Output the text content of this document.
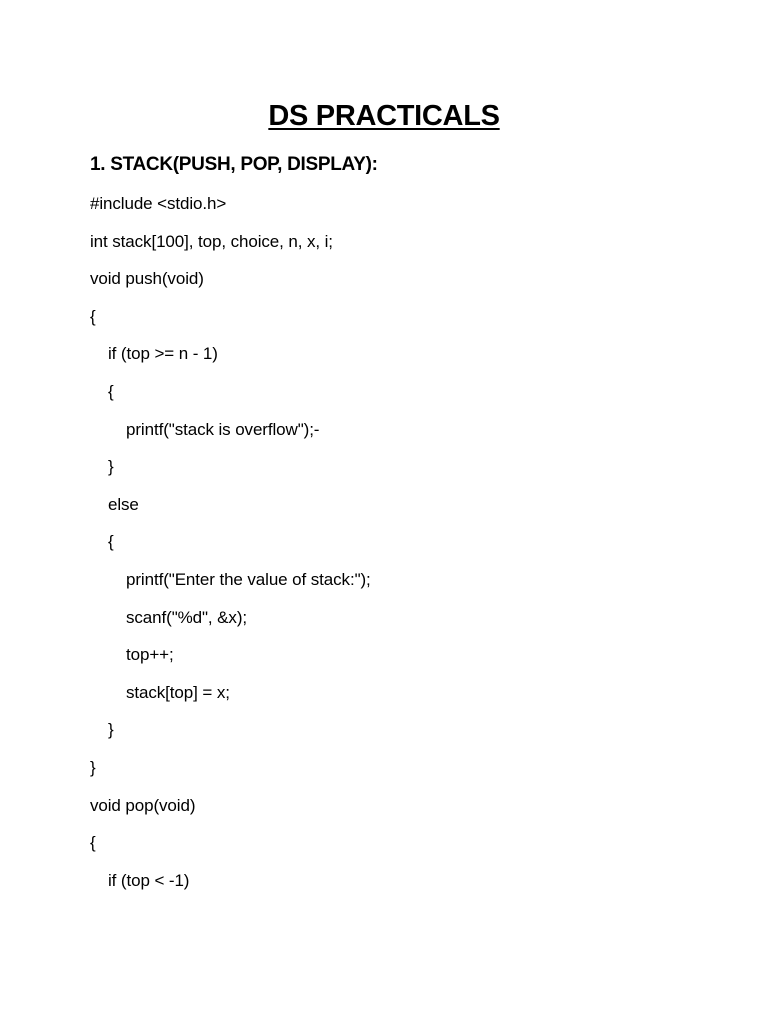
DS PRACTICALS
1. STACK(PUSH, POP, DISPLAY):
#include <stdio.h>
int stack[100], top, choice, n, x, i;
void push(void)
{
if (top >= n - 1)
{
printf("stack is overflow");-
}
else
{
printf("Enter the value of stack:");
scanf("%d", &x);
top++;
stack[top] = x;
}
}
void pop(void)
{
if (top < -1)
